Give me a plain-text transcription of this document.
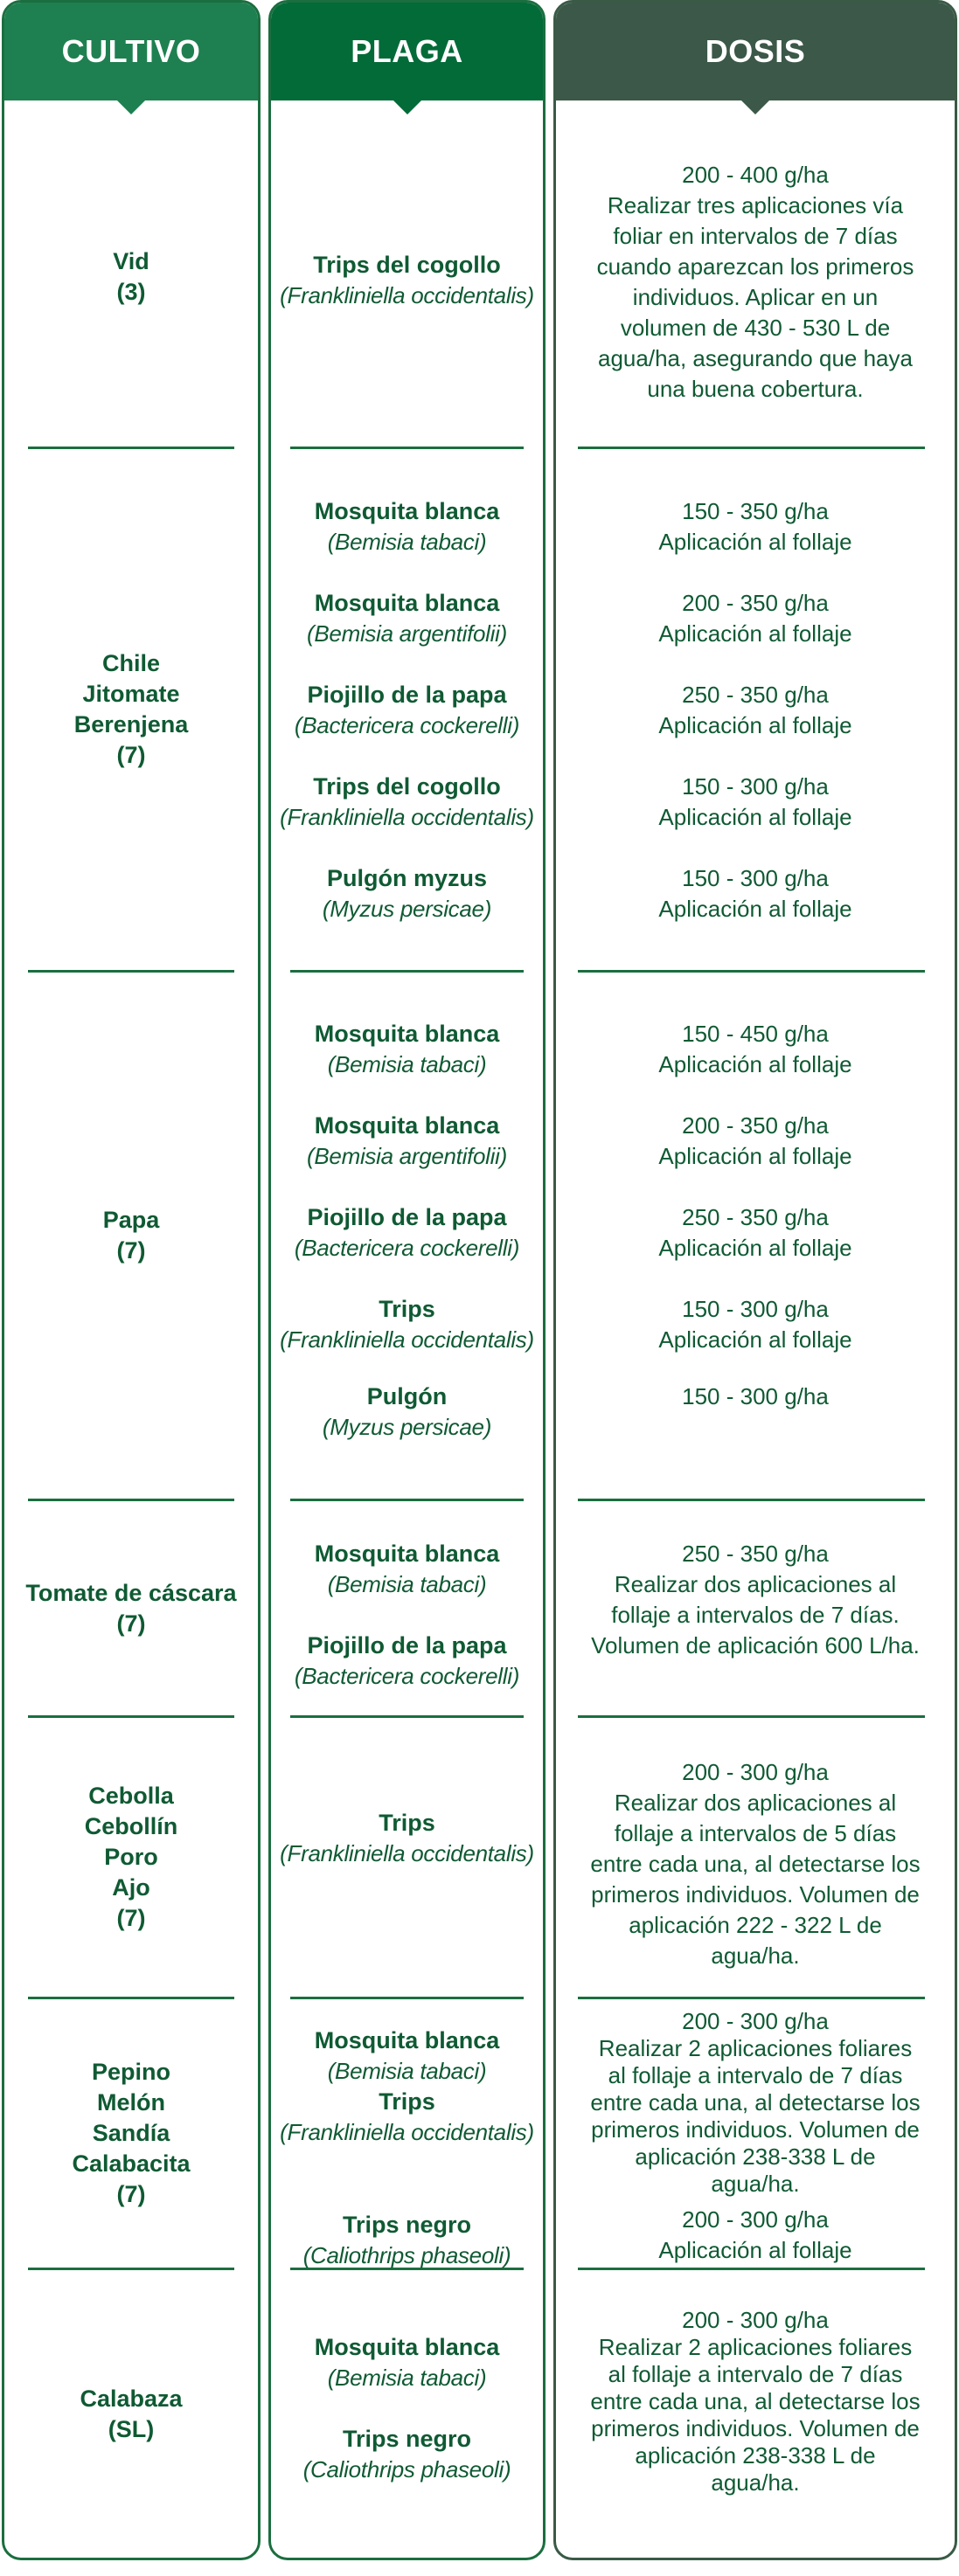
CULTIVO
Vid
(3)
Chile
Jitomate
Berenjena
(7)
Papa
(7)
Tomate de cáscara
(7)
Cebolla
Cebollín
Poro
Ajo
(7)
Pepino
Melón
Sandía
Calabacita
(7)
Calabaza
(SL)
PLAGA
Trips del cogollo
(Frankliniella occidentalis)
Mosquita blanca
(Bemisia tabaci)
Mosquita blanca
(Bemisia argentifolii)
Piojillo de la papa
(Bactericera cockerelli)
Trips del cogollo
(Frankliniella occidentalis)
Pulgón myzus
(Myzus persicae)
Mosquita blanca
(Bemisia tabaci)
Mosquita blanca
(Bemisia argentifolii)
Piojillo de la papa
(Bactericera cockerelli)
Trips
(Frankliniella occidentalis)
Pulgón
(Myzus persicae)
Mosquita blanca
(Bemisia tabaci)
Piojillo de la papa
(Bactericera cockerelli)
Trips
(Frankliniella occidentalis)
Mosquita blanca
(Bemisia tabaci)
Trips
(Frankliniella occidentalis)
Trips negro
(Caliothrips phaseoli)
Mosquita blanca
(Bemisia tabaci)
Trips negro
(Caliothrips phaseoli)
DOSIS
200 - 400 g/ha
Realizar tres aplicaciones vía
foliar en intervalos de 7 días
cuando aparezcan los primeros
individuos. Aplicar en un
volumen de 430 - 530 L de
agua/ha, asegurando que haya
una buena cobertura.
150 - 350 g/ha
Aplicación al follaje
200 - 350 g/ha
Aplicación al follaje
250 - 350 g/ha
Aplicación al follaje
150 - 300 g/ha
Aplicación al follaje
150 - 300 g/ha
Aplicación al follaje
150 - 450 g/ha
Aplicación al follaje
200 - 350 g/ha
Aplicación al follaje
250 - 350 g/ha
Aplicación al follaje
150 - 300 g/ha
Aplicación al follaje
150 - 300 g/ha
250 - 350 g/ha
Realizar dos aplicaciones al
follaje a intervalos de 7 días.
Volumen de aplicación 600 L/ha.
200 - 300 g/ha
Realizar dos aplicaciones al
follaje a intervalos de 5 días
entre cada una, al detectarse los
primeros individuos. Volumen de
aplicación 222 - 322 L de
agua/ha.
200 - 300 g/ha
Realizar 2 aplicaciones foliares
al follaje a intervalo de 7 días
entre cada una, al detectarse los
primeros individuos. Volumen de
aplicación 238-338 L de
agua/ha.
200 - 300 g/ha
Aplicación al follaje
200 - 300 g/ha
Realizar 2 aplicaciones foliares
al follaje a intervalo de 7 días
entre cada una, al detectarse los
primeros individuos. Volumen de
aplicación 238-338 L de
agua/ha.
